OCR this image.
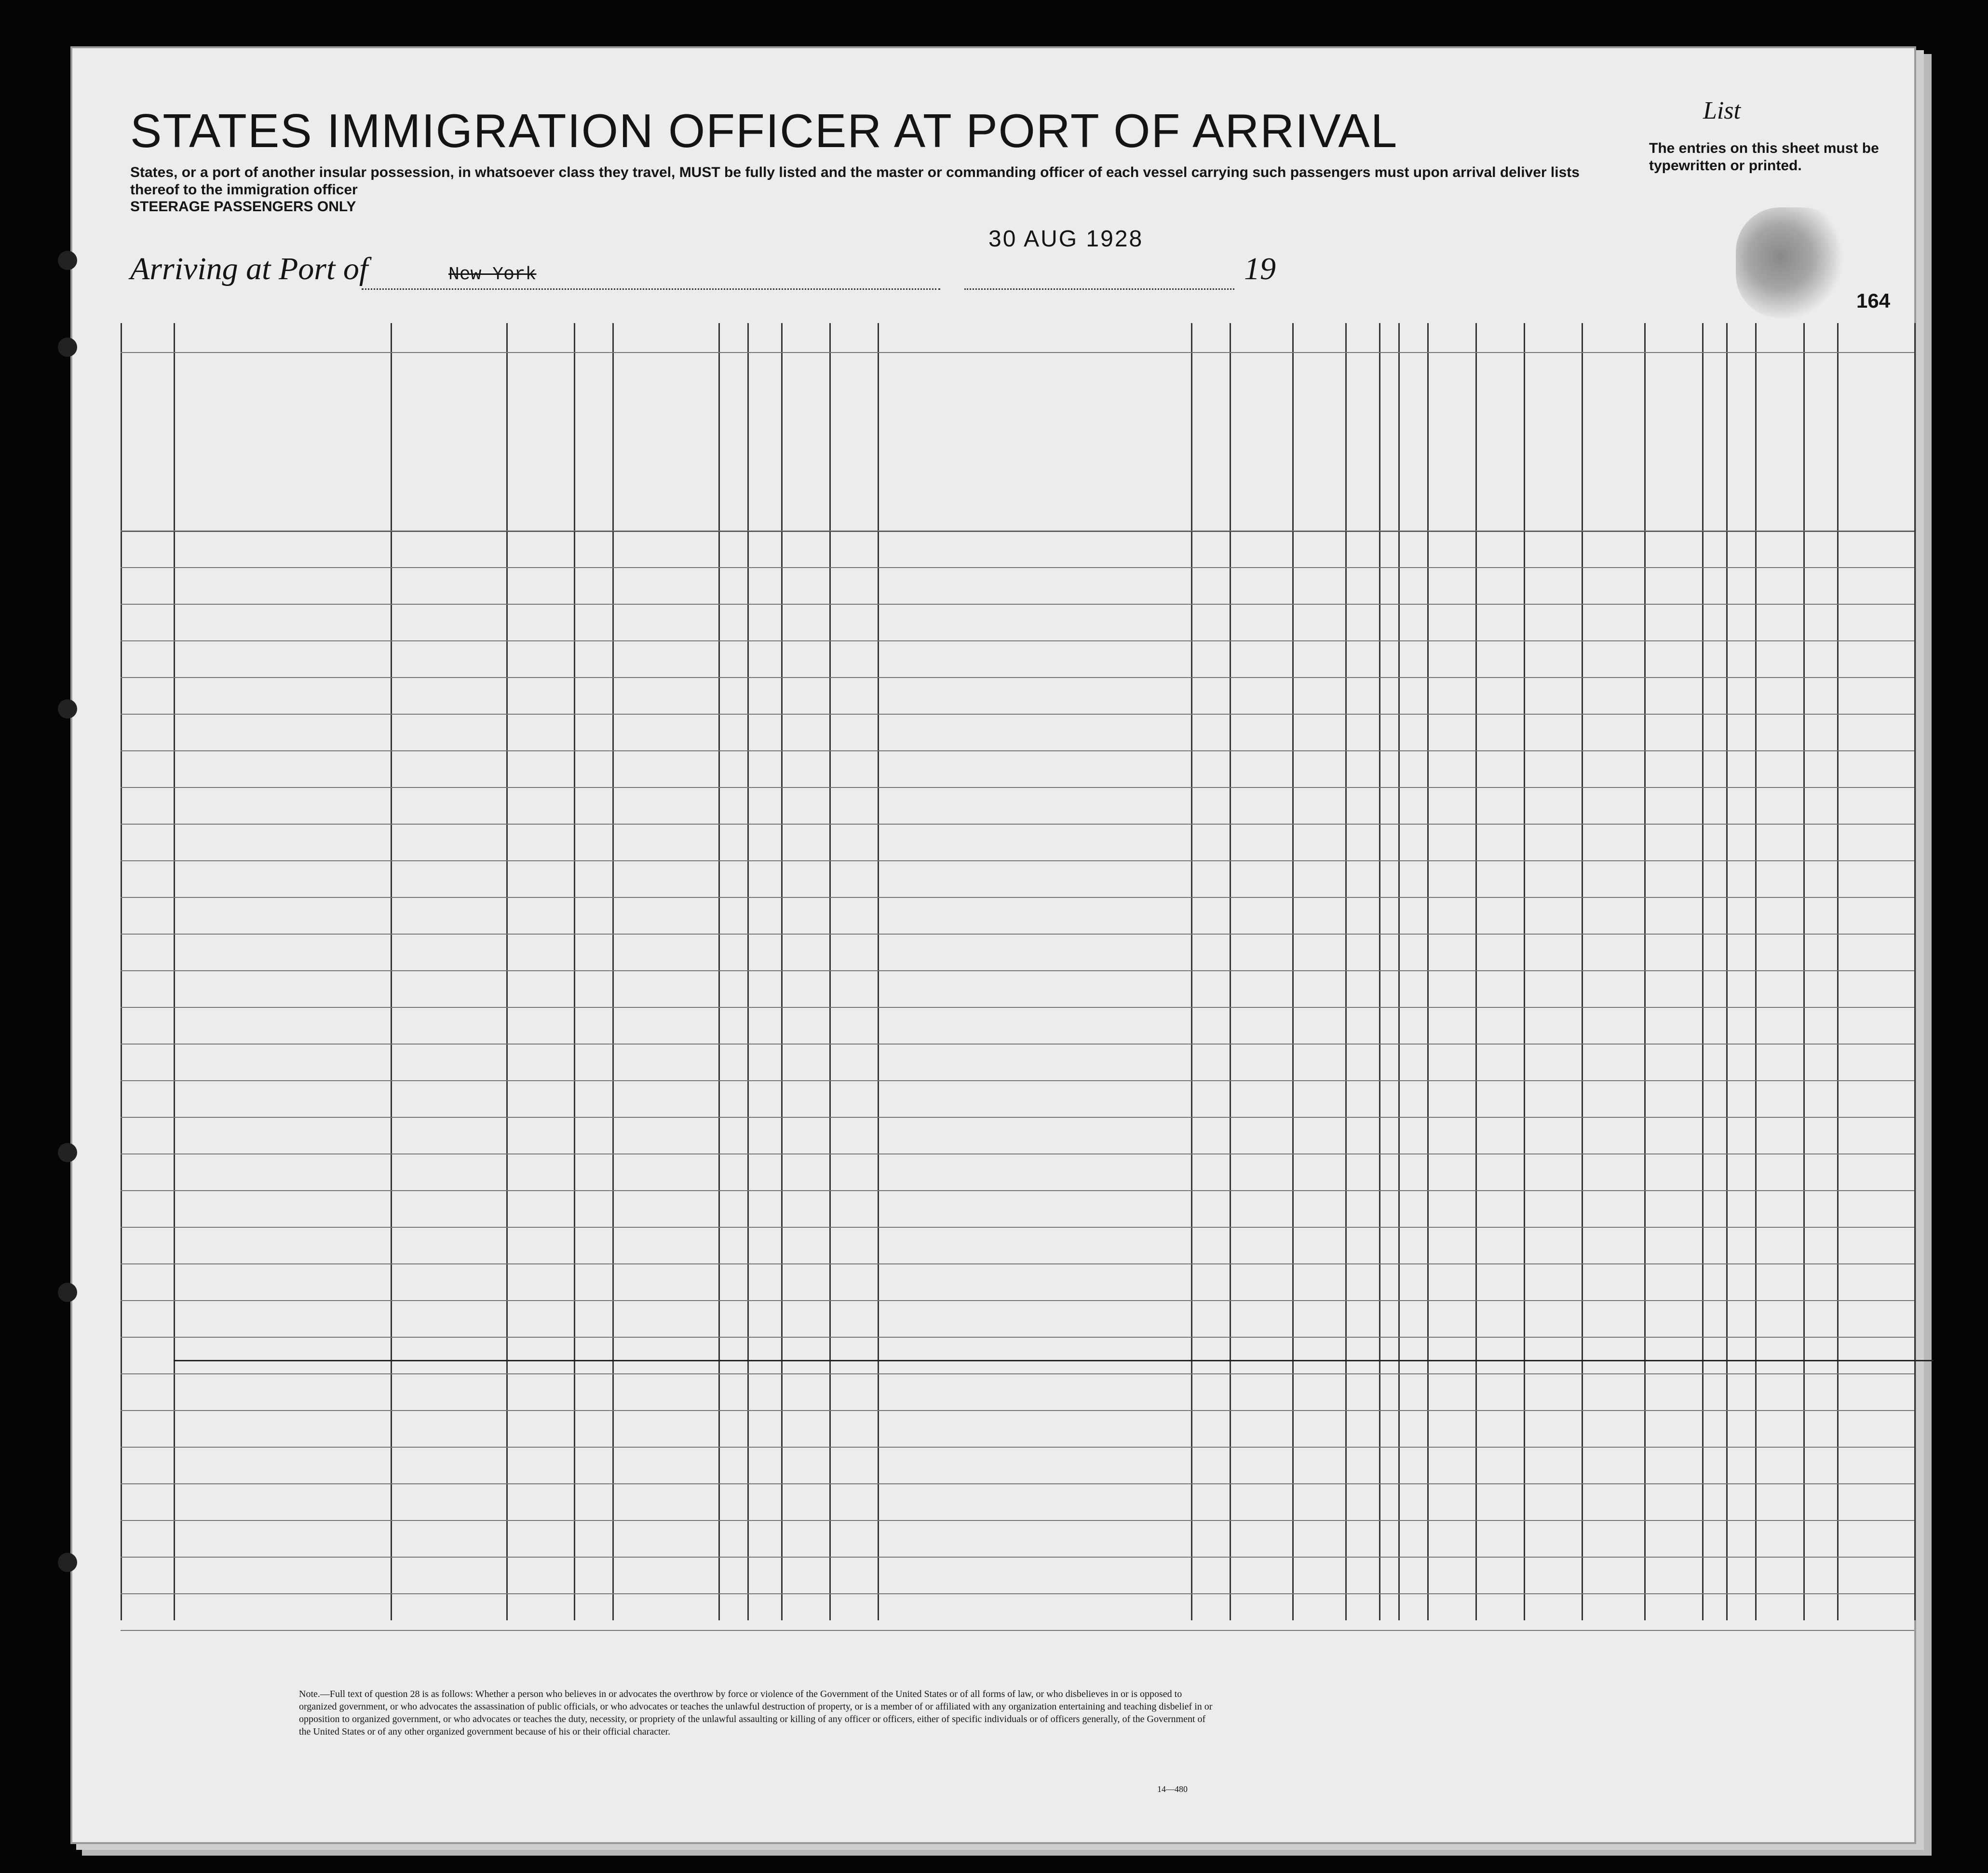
STATES IMMIGRATION OFFICER AT PORT OF ARRIVAL
States, or a port of another insular possession, in whatsoever class they travel, MUST be fully listed and the master or commanding officer of each vessel carrying such passengers must upon arrival deliver lists thereof to the immigration officer
STEERAGE PASSENGERS ONLY
30 AUG 1928
Arriving at Port of	New York	19
List
The entries on this sheet must be typewritten or printed.
164
Note.—Full text of question 28 is as follows: Whether a person who believes in or advocates the overthrow by force or violence of the Government of the United States or of all forms of law, or who disbelieves in or is opposed to organized government, or who advocates the assassination of public officials, or who advocates or teaches the unlawful destruction of property, or is a member of or affiliated with any organization entertaining and teaching disbelief in or opposition to organized government, or who advocates or teaches the duty, necessity, or propriety of the unlawful assaulting or killing of any officer or officers, either of specific individuals or of officers generally, of the Government of the United States or of any other organized government because of his or their official character.
14—480
